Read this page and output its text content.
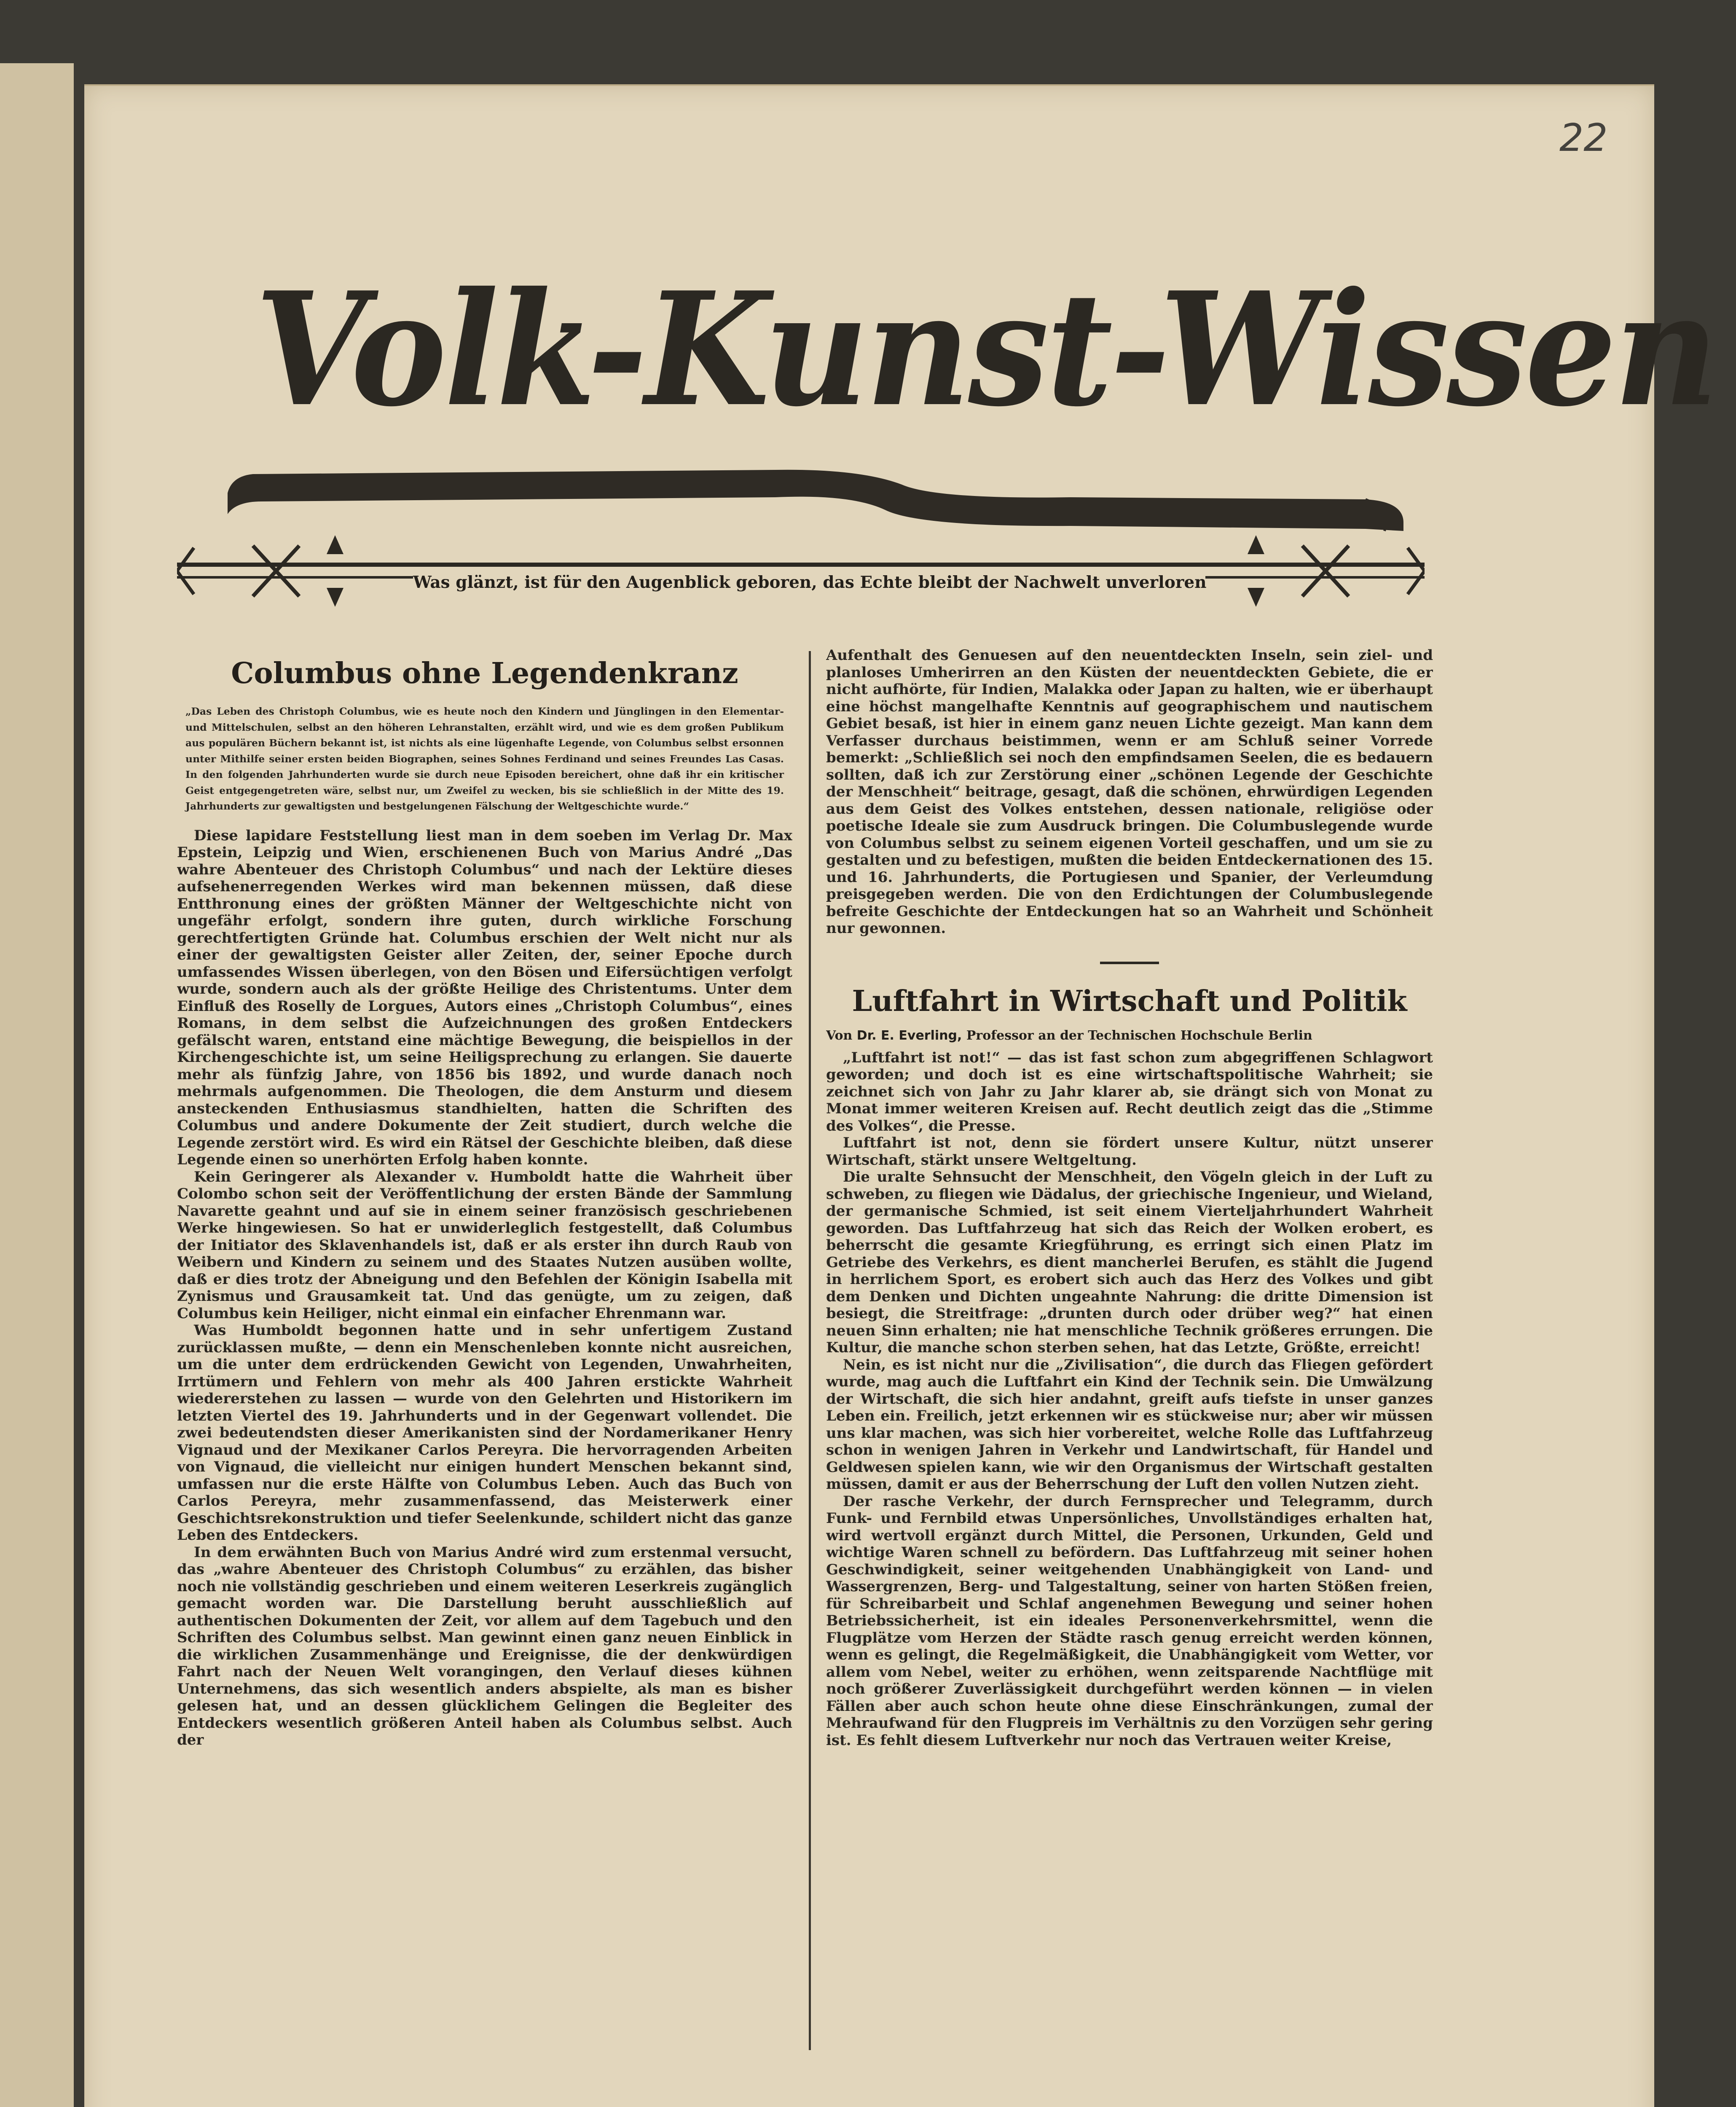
22

Volk-Kunst-Wissen

Was glänzt, ist für den Augenblick geboren, das Echte bleibt der Nachwelt unverloren

Columbus ohne Legendenkranz

„Das Leben des Christoph Columbus, wie es heute noch den Kindern und Jünglingen in den Elementar- und Mittelschulen, selbst an den höheren Lehranstalten, erzählt wird, und wie es dem großen Publikum aus populären Büchern bekannt ist, ist nichts als eine lügenhafte Legende, von Columbus selbst ersonnen unter Mithilfe seiner ersten beiden Biographen, seines Sohnes Ferdinand und seines Freundes Las Casas. In den folgenden Jahrhunderten wurde sie durch neue Episoden bereichert, ohne daß ihr ein kritischer Geist entgegengetreten wäre, selbst nur, um Zweifel zu wecken, bis sie schließlich in der Mitte des 19. Jahrhunderts zur gewaltigsten und bestgelungenen Fälschung der Weltgeschichte wurde.“

Diese lapidare Feststellung liest man in dem soeben im Verlag Dr. Max Epstein, Leipzig und Wien, erschienenen Buch von Marius André „Das wahre Abenteuer des Christoph Columbus“ und nach der Lektüre dieses aufsehenerregenden Werkes wird man bekennen müssen, daß diese Entthronung eines der größten Männer der Weltgeschichte nicht von ungefähr erfolgt, sondern ihre guten, durch wirkliche Forschung gerechtfertigten Gründe hat. Columbus erschien der Welt nicht nur als einer der gewaltigsten Geister aller Zeiten, der, seiner Epoche durch umfassendes Wissen überlegen, von den Bösen und Eifersüchtigen verfolgt wurde, sondern auch als der größte Heilige des Christentums. Unter dem Einfluß des Roselly de Lorgues, Autors eines „Christoph Columbus“, eines Romans, in dem selbst die Aufzeichnungen des großen Entdeckers gefälscht waren, entstand eine mächtige Bewegung, die beispiellos in der Kirchengeschichte ist, um seine Heiligsprechung zu erlangen. Sie dauerte mehr als fünfzig Jahre, von 1856 bis 1892, und wurde danach noch mehrmals aufgenommen. Die Theologen, die dem Ansturm und diesem ansteckenden Enthusiasmus standhielten, hatten die Schriften des Columbus und andere Dokumente der Zeit studiert, durch welche die Legende zerstört wird. Es wird ein Rätsel der Geschichte bleiben, daß diese Legende einen so unerhörten Erfolg haben konnte.

Kein Geringerer als Alexander v. Humboldt hatte die Wahrheit über Colombo schon seit der Veröffentlichung der ersten Bände der Sammlung Navarette geahnt und auf sie in einem seiner französisch geschriebenen Werke hingewiesen. So hat er unwiderleglich festgestellt, daß Columbus der Initiator des Sklavenhandels ist, daß er als erster ihn durch Raub von Weibern und Kindern zu seinem und des Staates Nutzen ausüben wollte, daß er dies trotz der Abneigung und den Befehlen der Königin Isabella mit Zynismus und Grausamkeit tat. Und das genügte, um zu zeigen, daß Columbus kein Heiliger, nicht einmal ein einfacher Ehrenmann war.

Was Humboldt begonnen hatte und in sehr unfertigem Zustand zurücklassen mußte, — denn ein Menschenleben konnte nicht ausreichen, um die unter dem erdrückenden Gewicht von Legenden, Unwahrheiten, Irrtümern und Fehlern von mehr als 400 Jahren erstickte Wahrheit wiedererstehen zu lassen — wurde von den Gelehrten und Historikern im letzten Viertel des 19. Jahrhunderts und in der Gegenwart vollendet. Die zwei bedeutendsten dieser Amerikanisten sind der Nordamerikaner Henry Vignaud und der Mexikaner Carlos Pereyra. Die hervorragenden Arbeiten von Vignaud, die vielleicht nur einigen hundert Menschen bekannt sind, umfassen nur die erste Hälfte von Columbus Leben. Auch das Buch von Carlos Pereyra, mehr zusammenfassend, das Meisterwerk einer Geschichtsrekonstruktion und tiefer Seelenkunde, schildert nicht das ganze Leben des Entdeckers.

In dem erwähnten Buch von Marius André wird zum erstenmal versucht, das „wahre Abenteuer des Christoph Columbus“ zu erzählen, das bisher noch nie vollständig geschrieben und einem weiteren Leserkreis zugänglich gemacht worden war. Die Darstellung beruht ausschließlich auf authentischen Dokumenten der Zeit, vor allem auf dem Tagebuch und den Schriften des Columbus selbst. Man gewinnt einen ganz neuen Einblick in die wirklichen Zusammenhänge und Ereignisse, die der denkwürdigen Fahrt nach der Neuen Welt vorangingen, den Verlauf dieses kühnen Unternehmens, das sich wesentlich anders abspielte, als man es bisher gelesen hat, und an dessen glücklichem Gelingen die Begleiter des Entdeckers wesentlich größeren Anteil haben als Columbus selbst. Auch der

Aufenthalt des Genuesen auf den neuentdeckten Inseln, sein ziel- und planloses Umherirren an den Küsten der neuentdeckten Gebiete, die er nicht aufhörte, für Indien, Malakka oder Japan zu halten, wie er überhaupt eine höchst mangelhafte Kenntnis auf geographischem und nautischem Gebiet besaß, ist hier in einem ganz neuen Lichte gezeigt. Man kann dem Verfasser durchaus beistimmen, wenn er am Schluß seiner Vorrede bemerkt: „Schließlich sei noch den empfindsamen Seelen, die es bedauern sollten, daß ich zur Zerstörung einer „schönen Legende der Geschichte der Menschheit“ beitrage, gesagt, daß die schönen, ehrwürdigen Legenden aus dem Geist des Volkes entstehen, dessen nationale, religiöse oder poetische Ideale sie zum Ausdruck bringen. Die Columbuslegende wurde von Columbus selbst zu seinem eigenen Vorteil geschaffen, und um sie zu gestalten und zu befestigen, mußten die beiden Entdeckernationen des 15. und 16. Jahrhunderts, die Portugiesen und Spanier, der Verleumdung preisgegeben werden. Die von den Erdichtungen der Columbuslegende befreite Geschichte der Entdeckungen hat so an Wahrheit und Schönheit nur gewonnen.

Luftfahrt in Wirtschaft und Politik

Von Dr. E. Everling, Professor an der Technischen Hochschule Berlin

„Luftfahrt ist not!“ — das ist fast schon zum abgegriffenen Schlagwort geworden; und doch ist es eine wirtschaftspolitische Wahrheit; sie zeichnet sich von Jahr zu Jahr klarer ab, sie drängt sich von Monat zu Monat immer weiteren Kreisen auf. Recht deutlich zeigt das die „Stimme des Volkes“, die Presse.

Luftfahrt ist not, denn sie fördert unsere Kultur, nützt unserer Wirtschaft, stärkt unsere Weltgeltung.

Die uralte Sehnsucht der Menschheit, den Vögeln gleich in der Luft zu schweben, zu fliegen wie Dädalus, der griechische Ingenieur, und Wieland, der germanische Schmied, ist seit einem Vierteljahrhundert Wahrheit geworden. Das Luftfahrzeug hat sich das Reich der Wolken erobert, es beherrscht die gesamte Kriegführung, es erringt sich einen Platz im Getriebe des Verkehrs, es dient mancherlei Berufen, es stählt die Jugend in herrlichem Sport, es erobert sich auch das Herz des Volkes und gibt dem Denken und Dichten ungeahnte Nahrung: die dritte Dimension ist besiegt, die Streitfrage: „drunten durch oder drüber weg?“ hat einen neuen Sinn erhalten; nie hat menschliche Technik größeres errungen. Die Kultur, die manche schon sterben sehen, hat das Letzte, Größte, erreicht!

Nein, es ist nicht nur die „Zivilisation“, die durch das Fliegen gefördert wurde, mag auch die Luftfahrt ein Kind der Technik sein. Die Umwälzung der Wirtschaft, die sich hier andahnt, greift aufs tiefste in unser ganzes Leben ein. Freilich, jetzt erkennen wir es stückweise nur; aber wir müssen uns klar machen, was sich hier vorbereitet, welche Rolle das Luftfahrzeug schon in wenigen Jahren in Verkehr und Landwirtschaft, für Handel und Geldwesen spielen kann, wie wir den Organismus der Wirtschaft gestalten müssen, damit er aus der Beherrschung der Luft den vollen Nutzen zieht.

Der rasche Verkehr, der durch Fernsprecher und Telegramm, durch Funk- und Fernbild etwas Unpersönliches, Unvollständiges erhalten hat, wird wertvoll ergänzt durch Mittel, die Personen, Urkunden, Geld und wichtige Waren schnell zu befördern. Das Luftfahrzeug mit seiner hohen Geschwindigkeit, seiner weitgehenden Unabhängigkeit von Land- und Wassergrenzen, Berg- und Talgestaltung, seiner von harten Stößen freien, für Schreibarbeit und Schlaf angenehmen Bewegung und seiner hohen Betriebssicherheit, ist ein ideales Personenverkehrsmittel, wenn die Flugplätze vom Herzen der Städte rasch genug erreicht werden können, wenn es gelingt, die Regelmäßigkeit, die Unabhängigkeit vom Wetter, vor allem vom Nebel, weiter zu erhöhen, wenn zeitsparende Nachtflüge mit noch größerer Zuverlässigkeit durchgeführt werden können — in vielen Fällen aber auch schon heute ohne diese Einschränkungen, zumal der Mehraufwand für den Flugpreis im Verhältnis zu den Vorzügen sehr gering ist. Es fehlt diesem Luftverkehr nur noch das Vertrauen weiter Kreise,
